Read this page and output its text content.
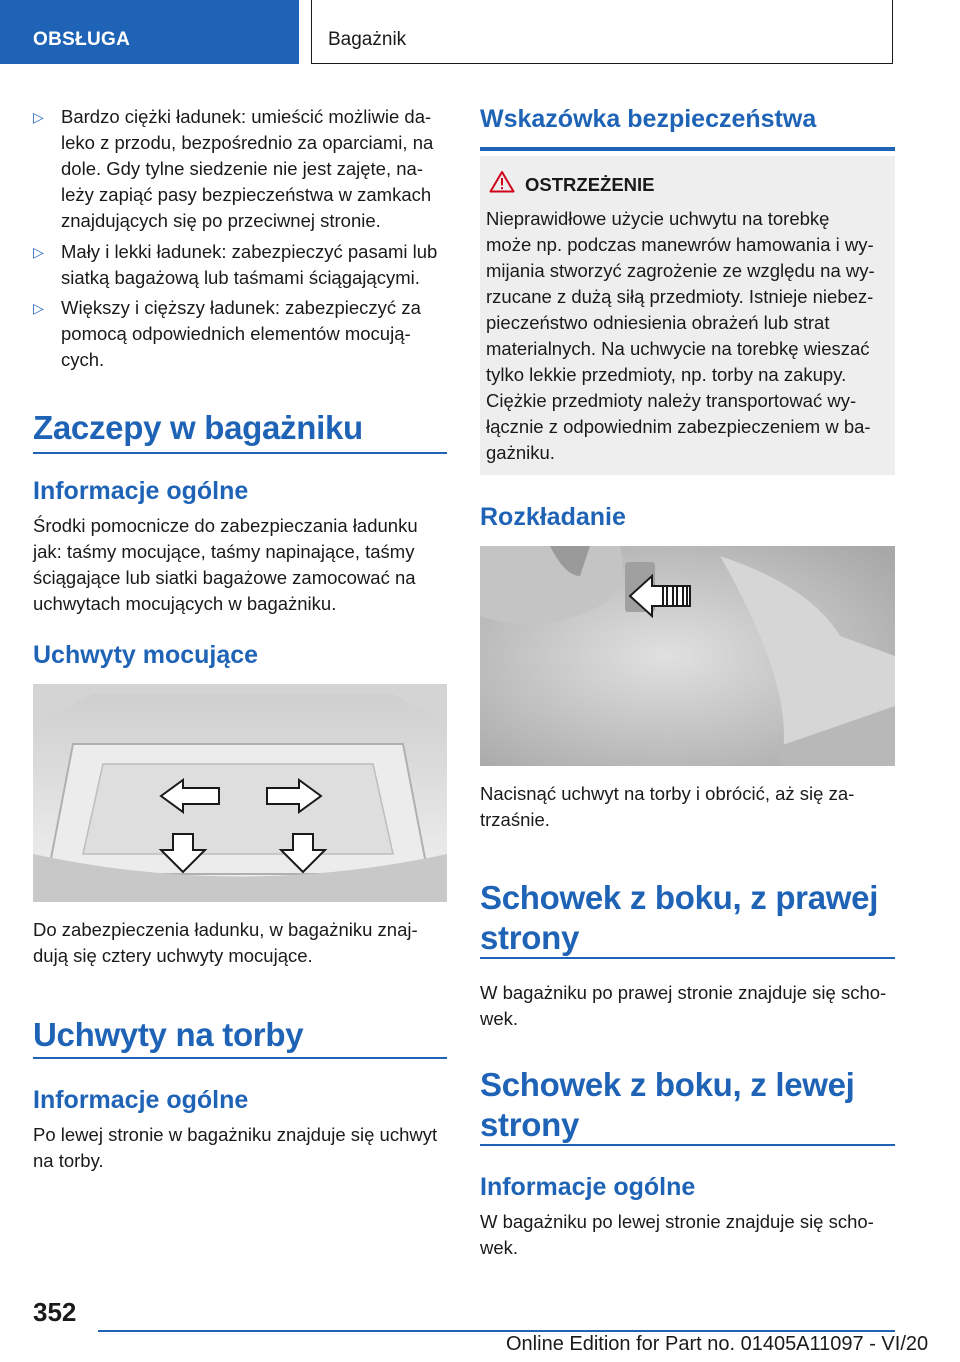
OBSŁUGA	Bagażnik
▷ Bardzo ciężki ładunek: umieścić możliwie da-
leko z przodu, bezpośrednio za oparciami, na
dole. Gdy tylne siedzenie nie jest zajęte, na-
leży zapiąć pasy bezpieczeństwa w zamkach
znajdujących się po przeciwnej stronie.
▷ Mały i lekki ładunek: zabezpieczyć pasami lub
siatką bagażową lub taśmami ściągającymi.
▷ Większy i cięższy ładunek: zabezpieczyć za
pomocą odpowiednich elementów mocują-
cych.
Zaczepy w bagażniku
Informacje ogólne
Środki pomocnicze do zabezpieczania ładunku
jak: taśmy mocujące, taśmy napinające, taśmy
ściągające lub siatki bagażowe zamocować na
uchwytach mocujących w bagażniku.
Uchwyty mocujące
Do zabezpieczenia ładunku, w bagażniku znaj-
dują się cztery uchwyty mocujące.
Uchwyty na torby
Informacje ogólne
Po lewej stronie w bagażniku znajduje się uchwyt
na torby.
Wskazówka bezpieczeństwa
OSTRZEŻENIE
Nieprawidłowe użycie uchwytu na torebkę
może np. podczas manewrów hamowania i wy-
mijania stworzyć zagrożenie ze względu na wy-
rzucane z dużą siłą przedmioty. Istnieje niebez-
pieczeństwo odniesienia obrażeń lub strat
materialnych. Na uchwycie na torebkę wieszać
tylko lekkie przedmioty, np. torby na zakupy.
Ciężkie przedmioty należy transportować wy-
łącznie z odpowiednim zabezpieczeniem w ba-
gażniku.
Rozkładanie
Nacisnąć uchwyt na torby i obrócić, aż się za-
trzaśnie.
Schowek z boku, z prawej
strony
W bagażniku po prawej stronie znajduje się scho-
wek.
Schowek z boku, z lewej
strony
Informacje ogólne
W bagażniku po lewej stronie znajduje się scho-
wek.
352
Online Edition for Part no. 01405A11097 - VI/20
